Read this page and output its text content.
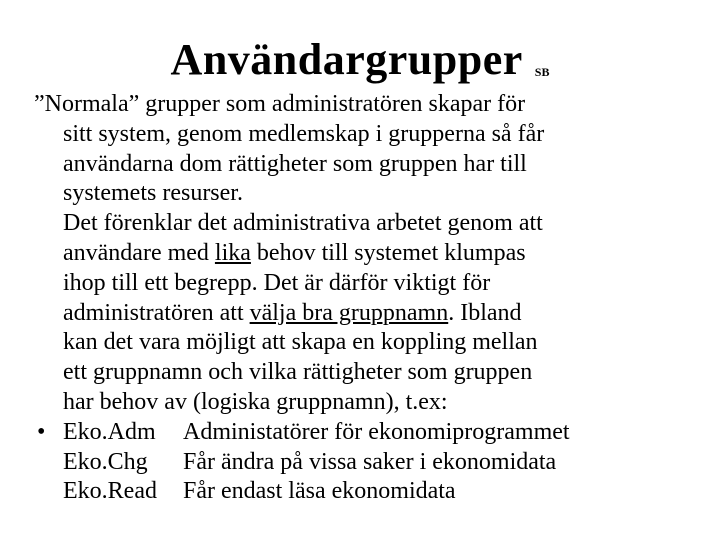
Användargrupper SB
”Normala” grupper som administratören skapar för
sitt system, genom medlemskap i grupperna så får
användarna dom rättigheter som gruppen har till
systemets resurser.
Det förenklar det administrativa arbetet genom att
användare med lika behov till systemet klumpas
ihop till ett begrepp. Det är därför viktigt för
administratören att välja bra gruppnamn. Ibland
kan det vara möjligt att skapa en koppling mellan
ett gruppnamn och vilka rättigheter som gruppen
har behov av (logiska gruppnamn), t.ex:
• Eko.Adm	Administatörer för ekonomiprogrammet
Eko.Chg	Får ändra på vissa saker i ekonomidata
Eko.Read	Får endast läsa ekonomidata
